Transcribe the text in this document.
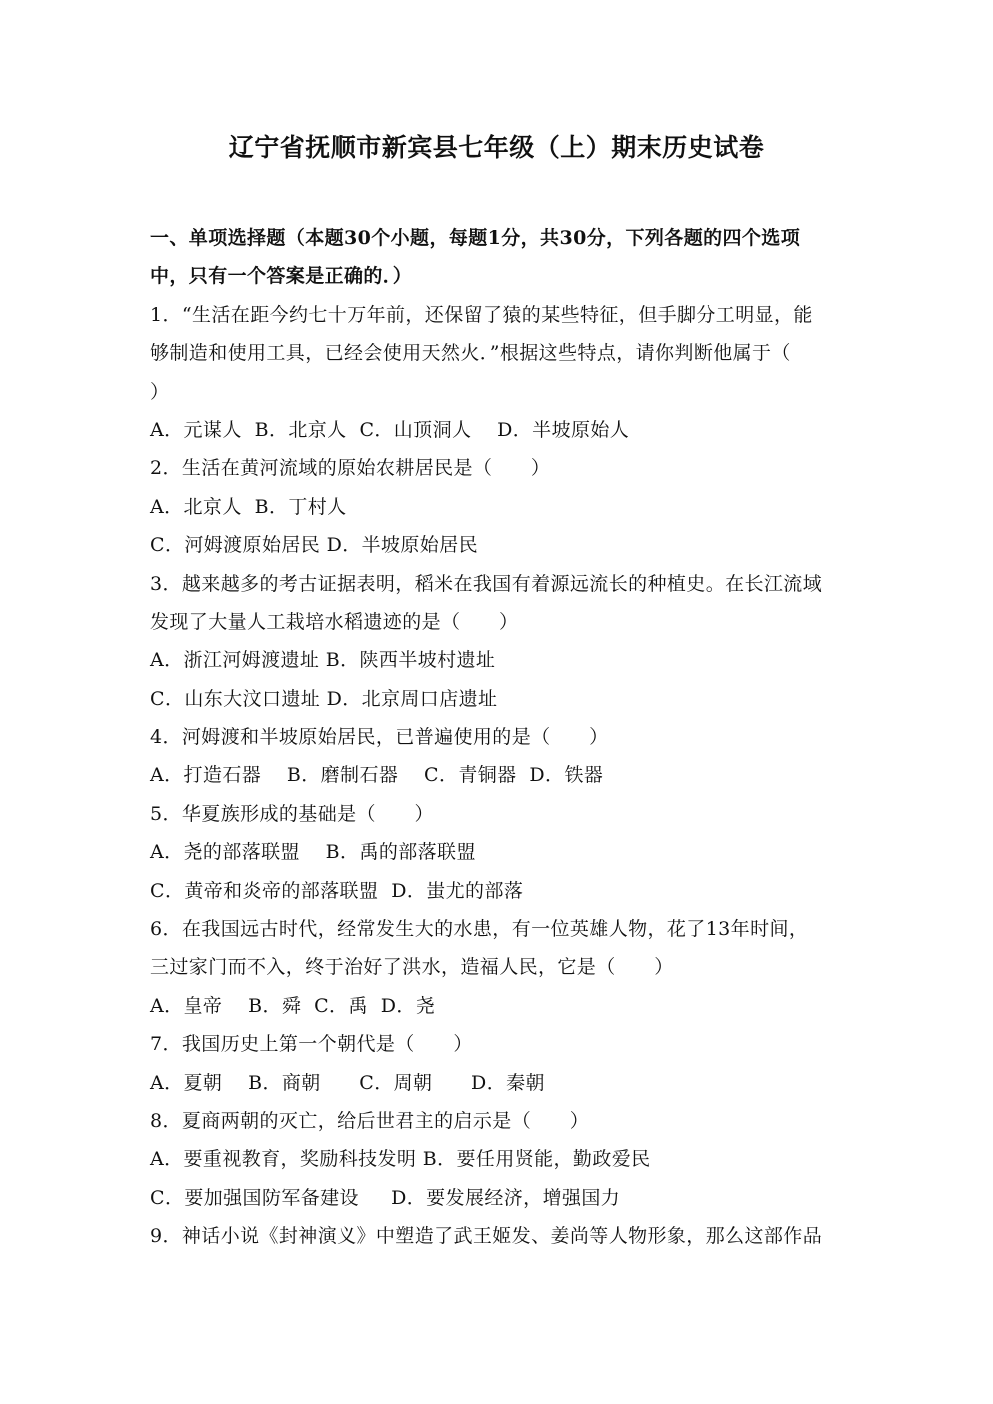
辽宁省抚顺市新宾县七年级（上）期末历史试卷
一、单项选择题（本题30个小题，每题1分，共30分，下列各题的四个选项
中，只有一个答案是正确的．）
1．“生活在距今约七十万年前，还保留了猿的某些特征，但手脚分工明显，能
够制造和使用工具，已经会使用天然火．”根据这些特点，请你判断他属于（
）
A．元谋人  B．北京人  C．山顶洞人    D．半坡原始人
2．生活在黄河流域的原始农耕居民是（      ）
A．北京人  B．丁村人
C．河姆渡原始居民 D．半坡原始居民
3．越来越多的考古证据表明，稻米在我国有着源远流长的种植史。在长江流域
发现了大量人工栽培水稻遗迹的是（      ）
A．浙江河姆渡遗址 B．陕西半坡村遗址
C．山东大汶口遗址 D．北京周口店遗址
4．河姆渡和半坡原始居民，已普遍使用的是（      ）
A．打造石器    B．磨制石器    C．青铜器  D．铁器
5．华夏族形成的基础是（      ）
A．尧的部落联盟    B．禹的部落联盟
C．黄帝和炎帝的部落联盟  D．蚩尤的部落
6．在我国远古时代，经常发生大的水患，有一位英雄人物，花了13年时间，
三过家门而不入，终于治好了洪水，造福人民，它是（      ）
A．皇帝    B．舜  C．禹  D．尧
7．我国历史上第一个朝代是（      ）
A．夏朝    B．商朝      C．周朝      D．秦朝
8．夏商两朝的灭亡，给后世君主的启示是（      ）
A．要重视教育，奖励科技发明 B．要任用贤能，勤政爱民
C．要加强国防军备建设     D．要发展经济，增强国力
9．神话小说《封神演义》中塑造了武王姬发、姜尚等人物形象，那么这部作品
